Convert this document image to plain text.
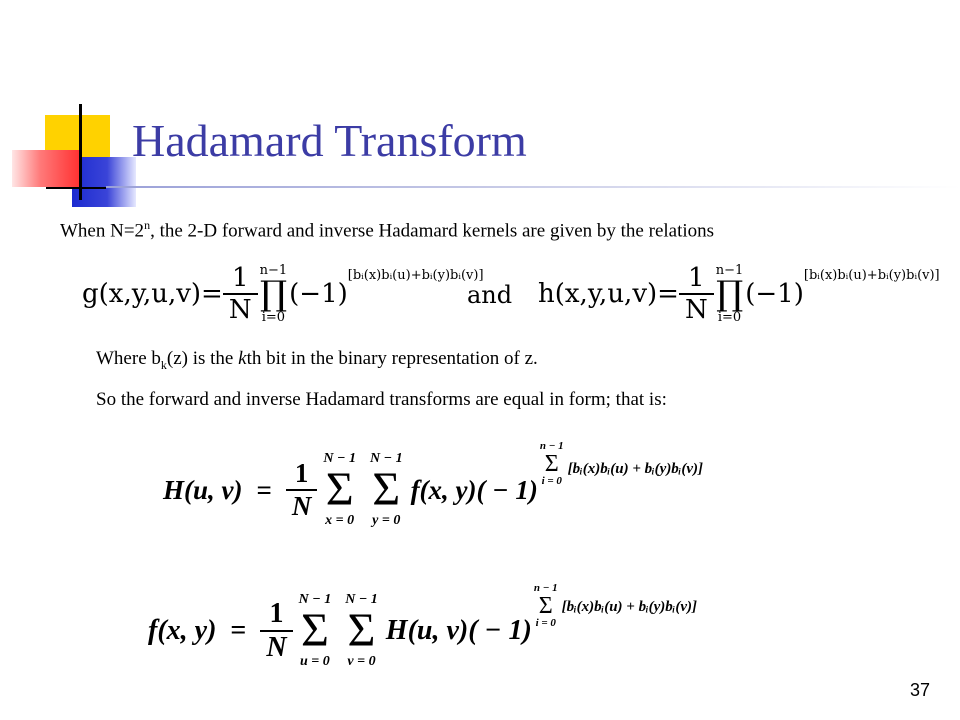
Hadamard Transform
When $N=2^n$, the 2-D forward and inverse Hadamard kernels are given by the relations
$g(x,y,u,v)= \frac{1}{N} n-1$
∏
i=0
(−1)
[bᵢ(x)bᵢ(u)+bᵢ(y)bᵢ(v)]
and $h(x,y,u,v)= \frac{1}{N} n-1$
∏
i=0
(−1)
[bᵢ(x)bᵢ(u)+bᵢ(y)bᵢ(v)]
Where $b_k(z)$ is the kth bit in the binary representation of z.
So the forward and inverse Hadamard transforms are equal in form; that is:
H(u, $v) = \frac{1}{N}$ N − 1
Σ
x = 0
N − 1
Σ
y = 0
f(x, y)( − 1)
n − 1
Σ
i = 0
[bᵢ(x)bᵢ(u) + bᵢ(y)bᵢ(v)]
f(x, $y) = \frac{1}{N}$ N − 1
Σ
u = 0
N − 1
Σ
v = 0
H(u, v)( − 1)
n − 1
Σ
i = 0
[bᵢ(x)bᵢ(u) + bᵢ(y)bᵢ(v)]
37
